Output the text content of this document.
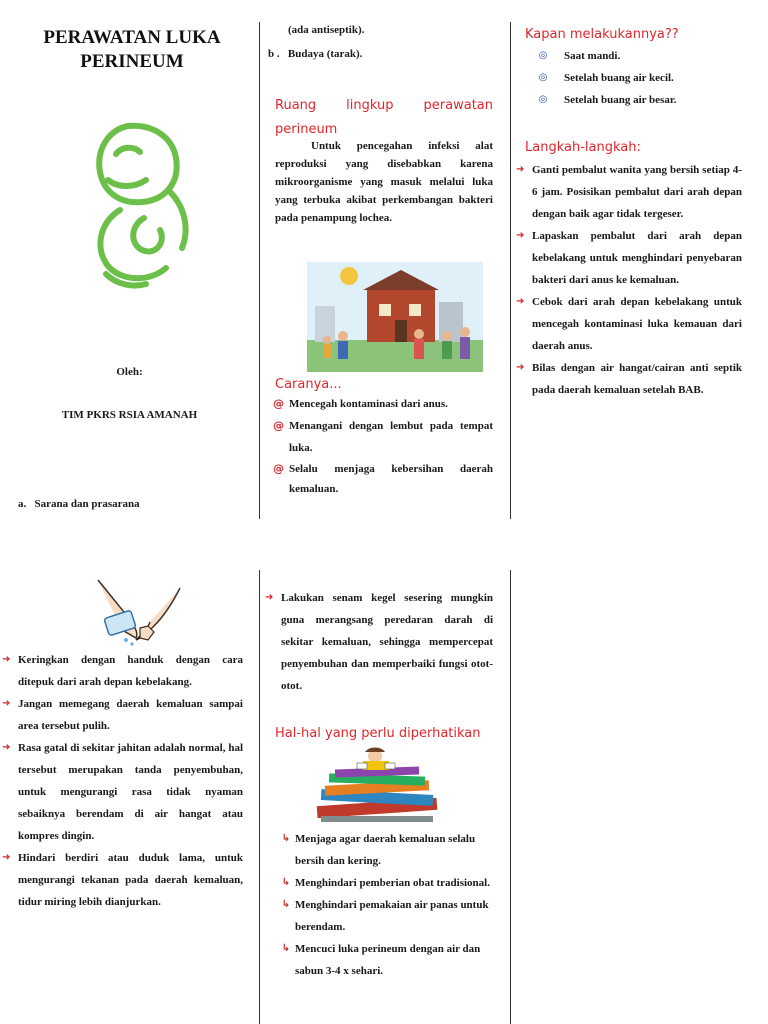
PERAWATAN LUKA
PERINEUM
Oleh:
TIM PKRS RSIA AMANAH
a. Sarana dan prasarana
(ada antiseptik).
b . Budaya (tarak).
Ruang lingkup perawatan
perineum
Untuk pencegahan infeksi alat reproduksi yang disebabkan karena mikroorganisme yang masuk melalui luka yang terbuka akibat perkembangan bakteri pada penampung lochea.
Caranya...
@ Mencegah kontaminasi dari anus.
@ Menangani dengan lembut pada tempat luka.
@ Selalu menjaga kebersihan daerah kemaluan.
Kapan melakukannya??
◎ Saat mandi.
◎ Setelah buang air kecil.
◎ Setelah buang air besar.
Langkah-langkah:
➜ Ganti pembalut wanita yang bersih setiap 4-6 jam. Posisikan pembalut dari arah depan dengan baik agar tidak tergeser.
➜ Lapaskan pembalut dari arah depan kebelakang untuk menghindari penyebaran bakteri dari anus ke kemaluan.
➜ Cebok dari arah depan kebelakang untuk mencegah kontaminasi luka kemauan dari daerah anus.
➜ Bilas dengan air hangat/cairan anti septik pada daerah kemaluan setelah BAB.
➜ Keringkan dengan handuk dengan cara ditepuk dari arah depan kebelakang.
➜ Jangan memegang daerah kemaluan sampai area tersebut pulih.
➜ Rasa gatal di sekitar jahitan adalah normal, hal tersebut merupakan tanda penyembuhan, untuk mengurangi rasa tidak nyaman sebaiknya berendam di air hangat atau kompres dingin.
➜ Hindari berdiri atau duduk lama, untuk mengurangi tekanan pada daerah kemaluan, tidur miring lebih dianjurkan.
➜ Lakukan senam kegel sesering mungkin guna merangsang peredaran darah di sekitar kemaluan, sehingga mempercepat penyembuhan dan memperbaiki fungsi otot-otot.
Hal-hal yang perlu diperhatikan
↳ Menjaga agar daerah kemaluan selalu bersih dan kering.
↳ Menghindari pemberian obat tradisional.
↳ Menghindari pemakaian air panas untuk berendam.
↳ Mencuci luka perineum dengan air dan sabun 3-4 x sehari.
